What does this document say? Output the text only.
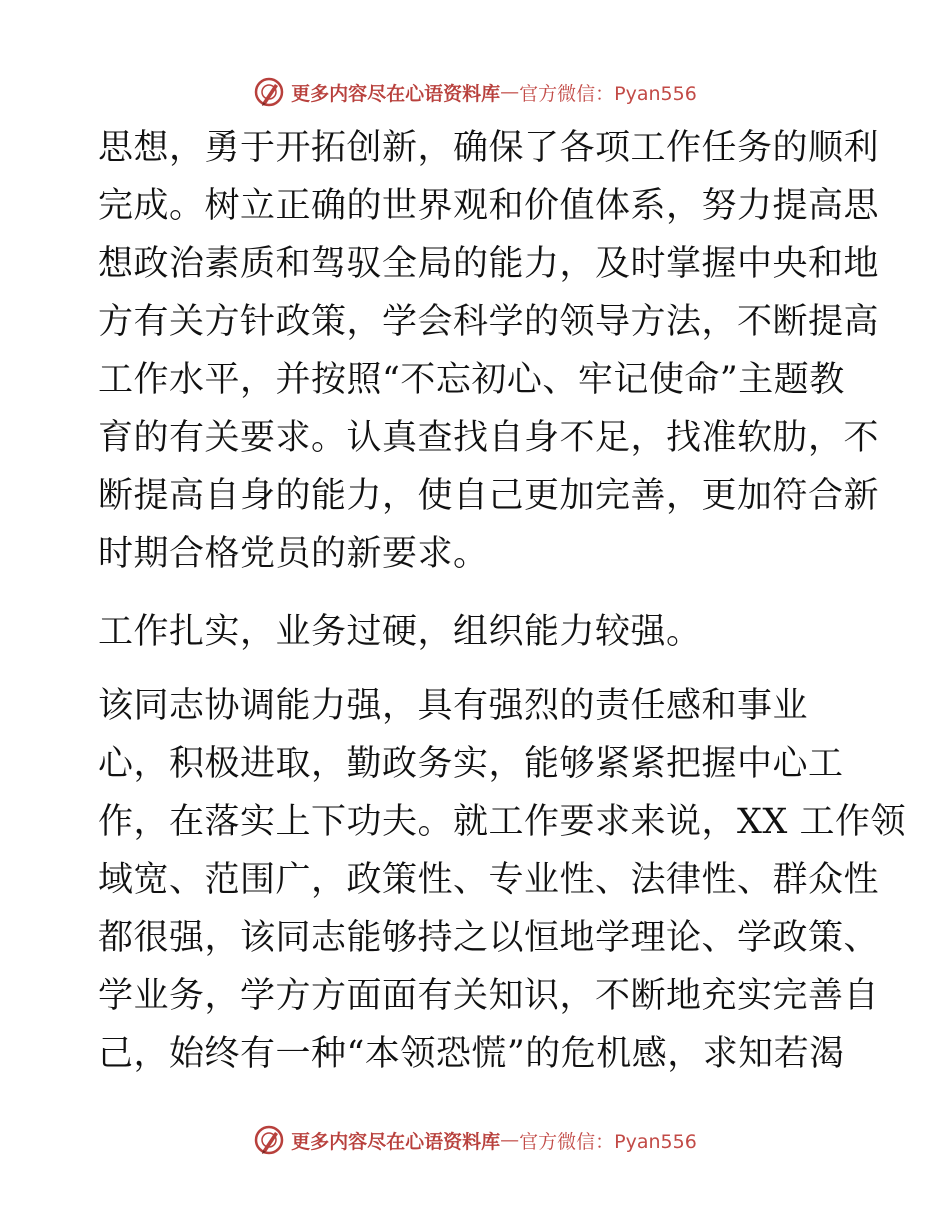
更多内容尽在心语资料库 — 官方微信：Pyan556
思想，勇于开拓创新，确保了各项工作任务的顺利
完成。树立正确的世界观和价值体系，努力提高思
想政治素质和驾驭全局的能力，及时掌握中央和地
方有关方针政策，学会科学的领导方法，不断提高
工作水平，并按照“不忘初心、牢记使命”主题教
育的有关要求。认真查找自身不足，找准软肋，不
断提高自身的能力，使自己更加完善，更加符合新
时期合格党员的新要求。
工作扎实，业务过硬，组织能力较强。
该同志协调能力强，具有强烈的责任感和事业
心，积极进取，勤政务实，能够紧紧把握中心工
作，在落实上下功夫。就工作要求来说，XX 工作领
域宽、范围广，政策性、专业性、法律性、群众性
都很强，该同志能够持之以恒地学理论、学政策、
学业务，学方方面面有关知识，不断地充实完善自
己，始终有一种“本领恐慌”的危机感，求知若渴
更多内容尽在心语资料库 — 官方微信：Pyan556
